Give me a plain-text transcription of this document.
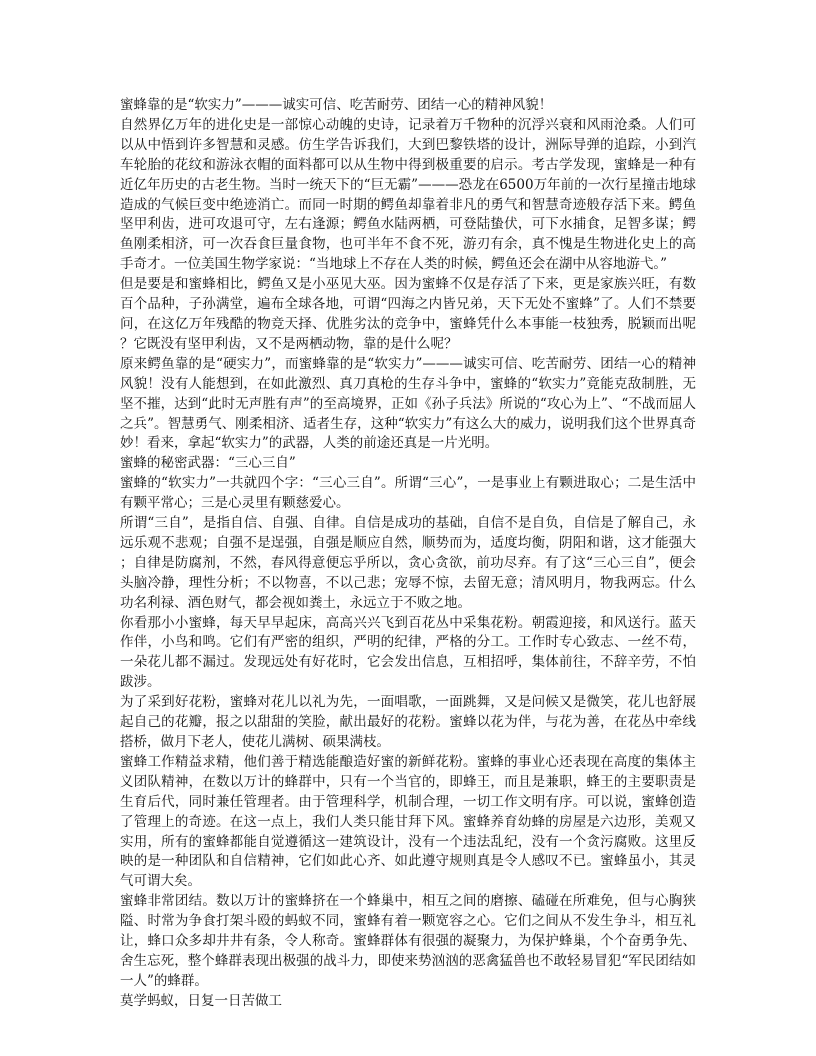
蜜蜂靠的是“软实力”———诚实可信、吃苦耐劳、团结一心的精神风貌！

自然界亿万年的进化史是一部惊心动魄的史诗，记录着万千物种的沉浮兴衰和风雨沧桑。人们可以从中悟到许多智慧和灵感。仿生学告诉我们，大到巴黎铁塔的设计，洲际导弹的追踪，小到汽车轮胎的花纹和游泳衣帽的面料都可以从生物中得到极重要的启示。考古学发现，蜜蜂是一种有近亿年历史的古老生物。当时一统天下的“巨无霸”———恐龙在6500万年前的一次行星撞击地球造成的气候巨变中绝迹消亡。而同一时期的鳄鱼却靠着非凡的勇气和智慧奇迹般存活下来。鳄鱼坚甲利齿，进可攻退可守，左右逢源；鳄鱼水陆两栖，可登陆蛰伏，可下水捕食，足智多谋；鳄鱼刚柔相济，可一次吞食巨量食物，也可半年不食不死，游刃有余，真不愧是生物进化史上的高手奇才。一位美国生物学家说：“当地球上不存在人类的时候，鳄鱼还会在湖中从容地游弋。”

但是要是和蜜蜂相比，鳄鱼又是小巫见大巫。因为蜜蜂不仅是存活了下来，更是家族兴旺，有数百个品种，子孙满堂，遍布全球各地，可谓“四海之内皆兄弟，天下无处不蜜蜂”了。人们不禁要问，在这亿万年残酷的物竞天择、优胜劣汰的竞争中，蜜蜂凭什么本事能一枝独秀，脱颖而出呢？它既没有坚甲利齿，又不是两栖动物，靠的是什么呢？

原来鳄鱼靠的是“硬实力”，而蜜蜂靠的是“软实力”———诚实可信、吃苦耐劳、团结一心的精神风貌！没有人能想到，在如此激烈、真刀真枪的生存斗争中，蜜蜂的“软实力”竟能克敌制胜，无坚不摧，达到“此时无声胜有声”的至高境界，正如《孙子兵法》所说的“攻心为上”、“不战而屈人之兵”。智慧勇气、刚柔相济、适者生存，这种“软实力”有这么大的威力，说明我们这个世界真奇妙！看来，拿起“软实力”的武器，人类的前途还真是一片光明。

蜜蜂的秘密武器：“三心三自”

蜜蜂的“软实力”一共就四个字：“三心三自”。所谓“三心”，一是事业上有颗进取心；二是生活中有颗平常心；三是心灵里有颗慈爱心。

所谓“三自”，是指自信、自强、自律。自信是成功的基础，自信不是自负，自信是了解自己，永远乐观不悲观；自强不是逞强，自强是顺应自然，顺势而为，适度均衡，阴阳和谐，这才能强大；自律是防腐剂，不然，春风得意便忘乎所以，贪心贪欲，前功尽弃。有了这“三心三自”，便会头脑冷静，理性分析；不以物喜，不以己悲；宠辱不惊，去留无意；清风明月，物我两忘。什么功名利禄、酒色财气，都会视如粪土，永远立于不败之地。

你看那小小蜜蜂，每天早早起床，高高兴兴飞到百花丛中采集花粉。朝霞迎接，和风送行。蓝天作伴，小鸟和鸣。它们有严密的组织，严明的纪律，严格的分工。工作时专心致志、一丝不苟，一朵花儿都不漏过。发现远处有好花时，它会发出信息，互相招呼，集体前往，不辞辛劳，不怕跋涉。

为了采到好花粉，蜜蜂对花儿以礼为先，一面唱歌，一面跳舞，又是问候又是微笑，花儿也舒展起自己的花瓣，报之以甜甜的笑脸，献出最好的花粉。蜜蜂以花为伴，与花为善，在花丛中牵线搭桥，做月下老人，使花儿满树、硕果满枝。

蜜蜂工作精益求精，他们善于精选能酿造好蜜的新鲜花粉。蜜蜂的事业心还表现在高度的集体主义团队精神，在数以万计的蜂群中，只有一个当官的，即蜂王，而且是兼职，蜂王的主要职责是生育后代，同时兼任管理者。由于管理科学，机制合理，一切工作文明有序。可以说，蜜蜂创造了管理上的奇迹。在这一点上，我们人类只能甘拜下风。蜜蜂养育幼蜂的房屋是六边形，美观又实用，所有的蜜蜂都能自觉遵循这一建筑设计，没有一个违法乱纪，没有一个贪污腐败。这里反映的是一种团队和自信精神，它们如此心齐、如此遵守规则真是令人感叹不已。蜜蜂虽小，其灵气可谓大矣。

蜜蜂非常团结。数以万计的蜜蜂挤在一个蜂巢中，相互之间的磨擦、磕碰在所难免，但与心胸狭隘、时常为争食打架斗殴的蚂蚁不同，蜜蜂有着一颗宽容之心。它们之间从不发生争斗，相互礼让，蜂口众多却井井有条，令人称奇。蜜蜂群体有很强的凝聚力，为保护蜂巢，个个奋勇争先、舍生忘死，整个蜂群表现出极强的战斗力，即使来势汹汹的恶禽猛兽也不敢轻易冒犯“军民团结如一人”的蜂群。

莫学蚂蚁，日复一日苦做工
